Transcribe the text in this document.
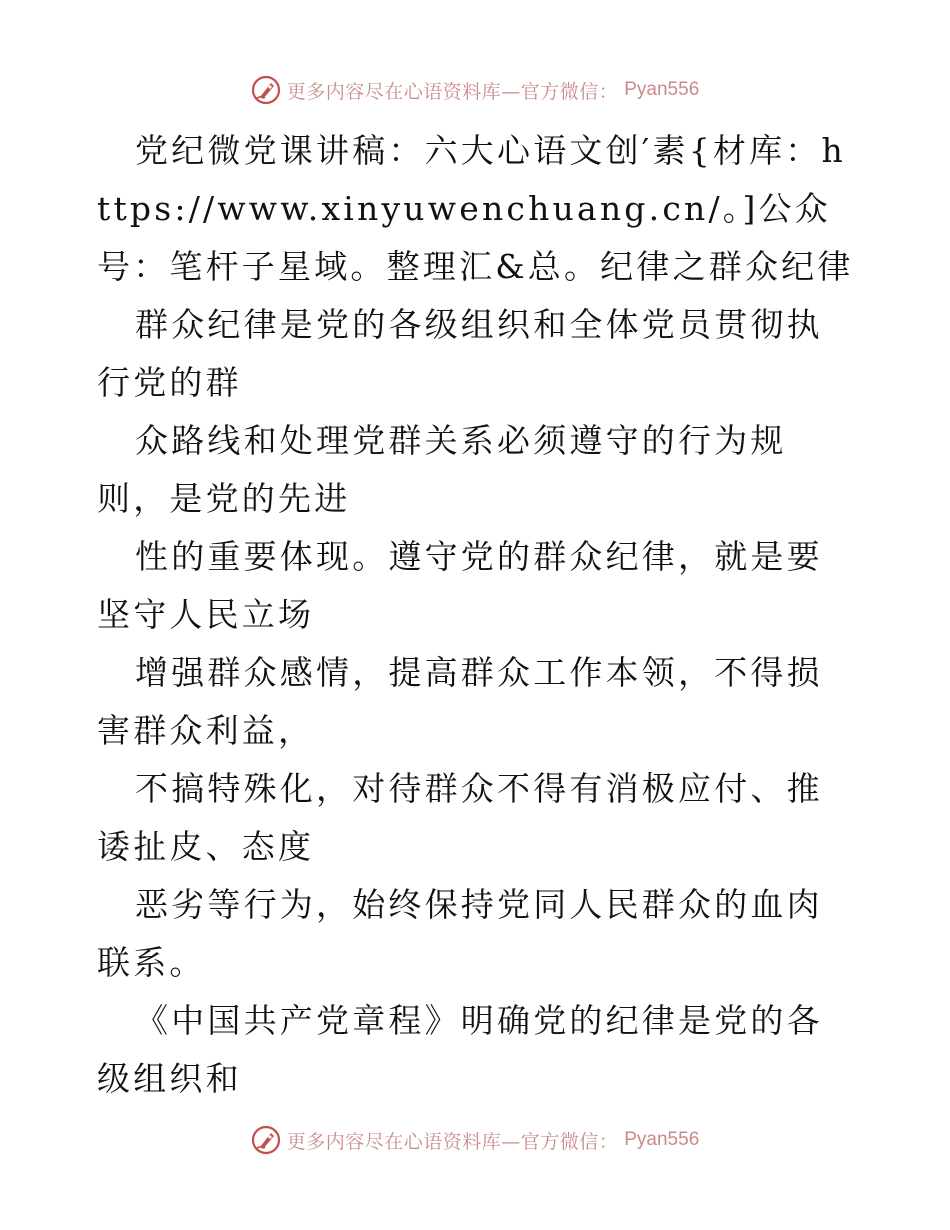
更多内容尽在心语资料库—官方微信： Pyan556

党纪微党课讲稿：六大心语文创′素{材库：https://www.xinyuwenchuang.cn/。]公众号：笔杆子星域。整理汇&总。纪律之群众纪律

群众纪律是党的各级组织和全体党员贯彻执行党的群

众路线和处理党群关系必须遵守的行为规则，是党的先进

性的重要体现。遵守党的群众纪律，就是要坚守人民立场

增强群众感情，提高群众工作本领，不得损害群众利益，

不搞特殊化，对待群众不得有消极应付、推诿扯皮、态度

恶劣等行为，始终保持党同人民群众的血肉联系。

《中国共产党章程》明确党的纪律是党的各级组织和

更多内容尽在心语资料库—官方微信： Pyan556
